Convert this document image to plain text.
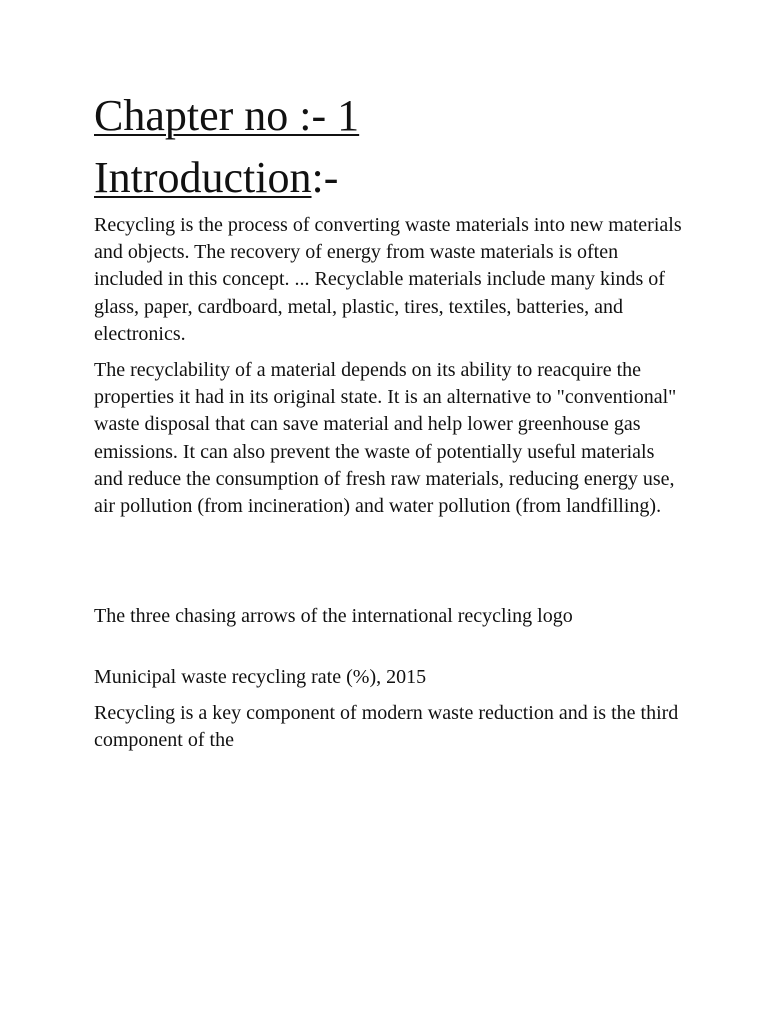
Chapter no :- 1
Introduction:-

Recycling is the process of converting waste materials into new materials and objects. The recovery of energy from waste materials is often included in this concept. ... Recyclable materials include many kinds of glass, paper, cardboard, metal, plastic, tires, textiles, batteries, and electronics.

The recyclability of a material depends on its ability to reacquire the properties it had in its original state. It is an alternative to "conventional" waste disposal that can save material and help lower greenhouse gas emissions. It can also prevent the waste of potentially useful materials and reduce the consumption of fresh raw materials, reducing energy use, air pollution (from incineration) and water pollution (from landfilling).

The three chasing arrows of the international recycling logo

Municipal waste recycling rate (%), 2015

Recycling is a key component of modern waste reduction and is the third component of the
